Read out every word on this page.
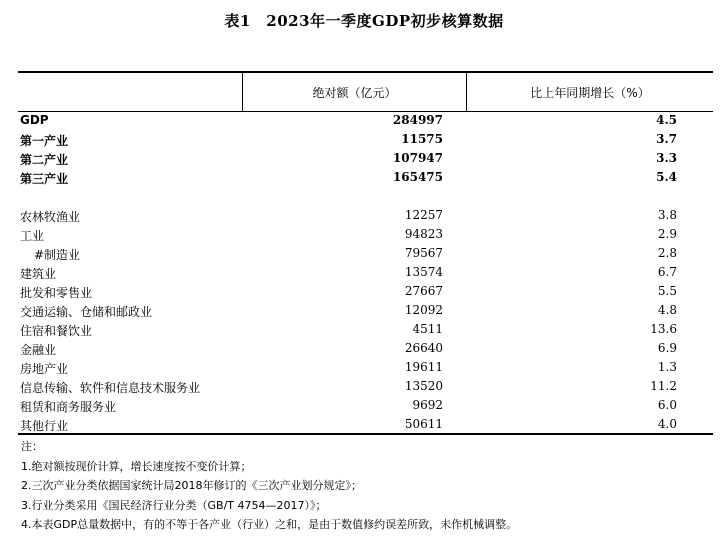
表1　2023年一季度GDP初步核算数据
绝对额（亿元）	比上年同期增长（%）
GDP	284997	4.5
第一产业	11575	3.7
第二产业	107947	3.3
第三产业	165475	5.4
农林牧渔业	12257	3.8
工业	94823	2.9
#制造业	79567	2.8
建筑业	13574	6.7
批发和零售业	27667	5.5
交通运输、仓储和邮政业	12092	4.8
住宿和餐饮业	4511	13.6
金融业	26640	6.9
房地产业	19611	1.3
信息传输、软件和信息技术服务业	13520	11.2
租赁和商务服务业	9692	6.0
其他行业	50611	4.0
注：
1.绝对额按现价计算，增长速度按不变价计算；
2.三次产业分类依据国家统计局2018年修订的《三次产业划分规定》；
3.行业分类采用《国民经济行业分类（GB/T 4754—2017）》；
4.本表GDP总量数据中，有的不等于各产业（行业）之和，是由于数值修约误差所致，未作机械调整。
